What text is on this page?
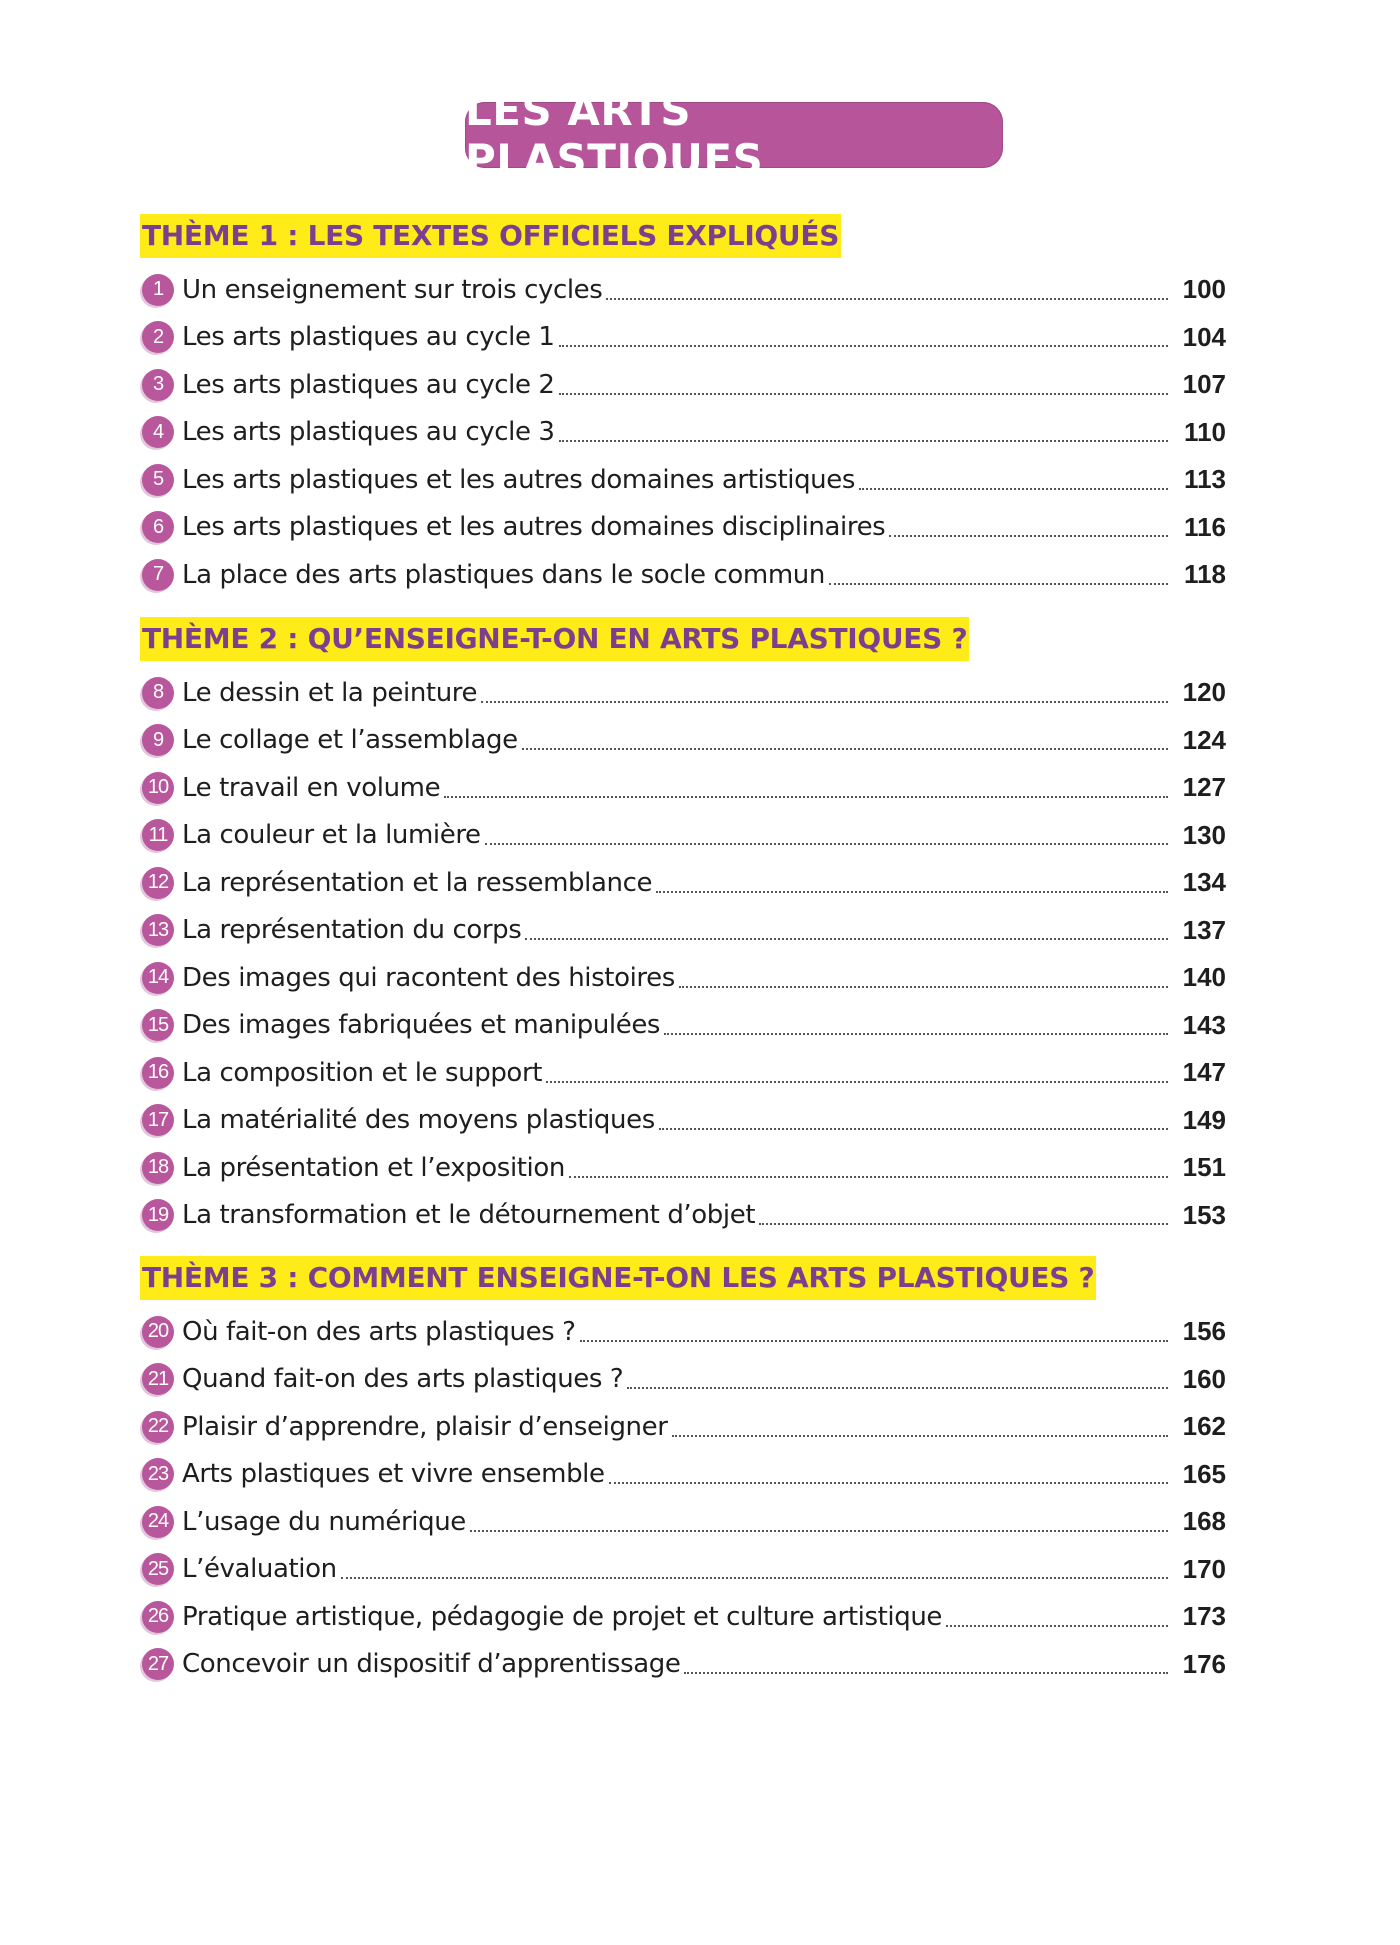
LES ARTS PLASTIQUES
THÈME 1 : LES TEXTES OFFICIELS EXPLIQUÉS
1 Un enseignement sur trois cycles	100
2 Les arts plastiques au cycle 1	104
3 Les arts plastiques au cycle 2	107
4 Les arts plastiques au cycle 3	110
5 Les arts plastiques et les autres domaines artistiques	113
6 Les arts plastiques et les autres domaines disciplinaires	116
7 La place des arts plastiques dans le socle commun	118
THÈME 2 : QU’ENSEIGNE-T-ON EN ARTS PLASTIQUES ?
8 Le dessin et la peinture	120
9 Le collage et l’assemblage	124
10 Le travail en volume	127
11 La couleur et la lumière	130
12 La représentation et la ressemblance	134
13 La représentation du corps	137
14 Des images qui racontent des histoires	140
15 Des images fabriquées et manipulées	143
16 La composition et le support	147
17 La matérialité des moyens plastiques	149
18 La présentation et l’exposition	151
19 La transformation et le détournement d’objet	153
THÈME 3 : COMMENT ENSEIGNE-T-ON LES ARTS PLASTIQUES ?
20 Où fait-on des arts plastiques ?	156
21 Quand fait-on des arts plastiques ?	160
22 Plaisir d’apprendre, plaisir d’enseigner	162
23 Arts plastiques et vivre ensemble	165
24 L’usage du numérique	168
25 L’évaluation	170
26 Pratique artistique, pédagogie de projet et culture artistique	173
27 Concevoir un dispositif d’apprentissage	176
